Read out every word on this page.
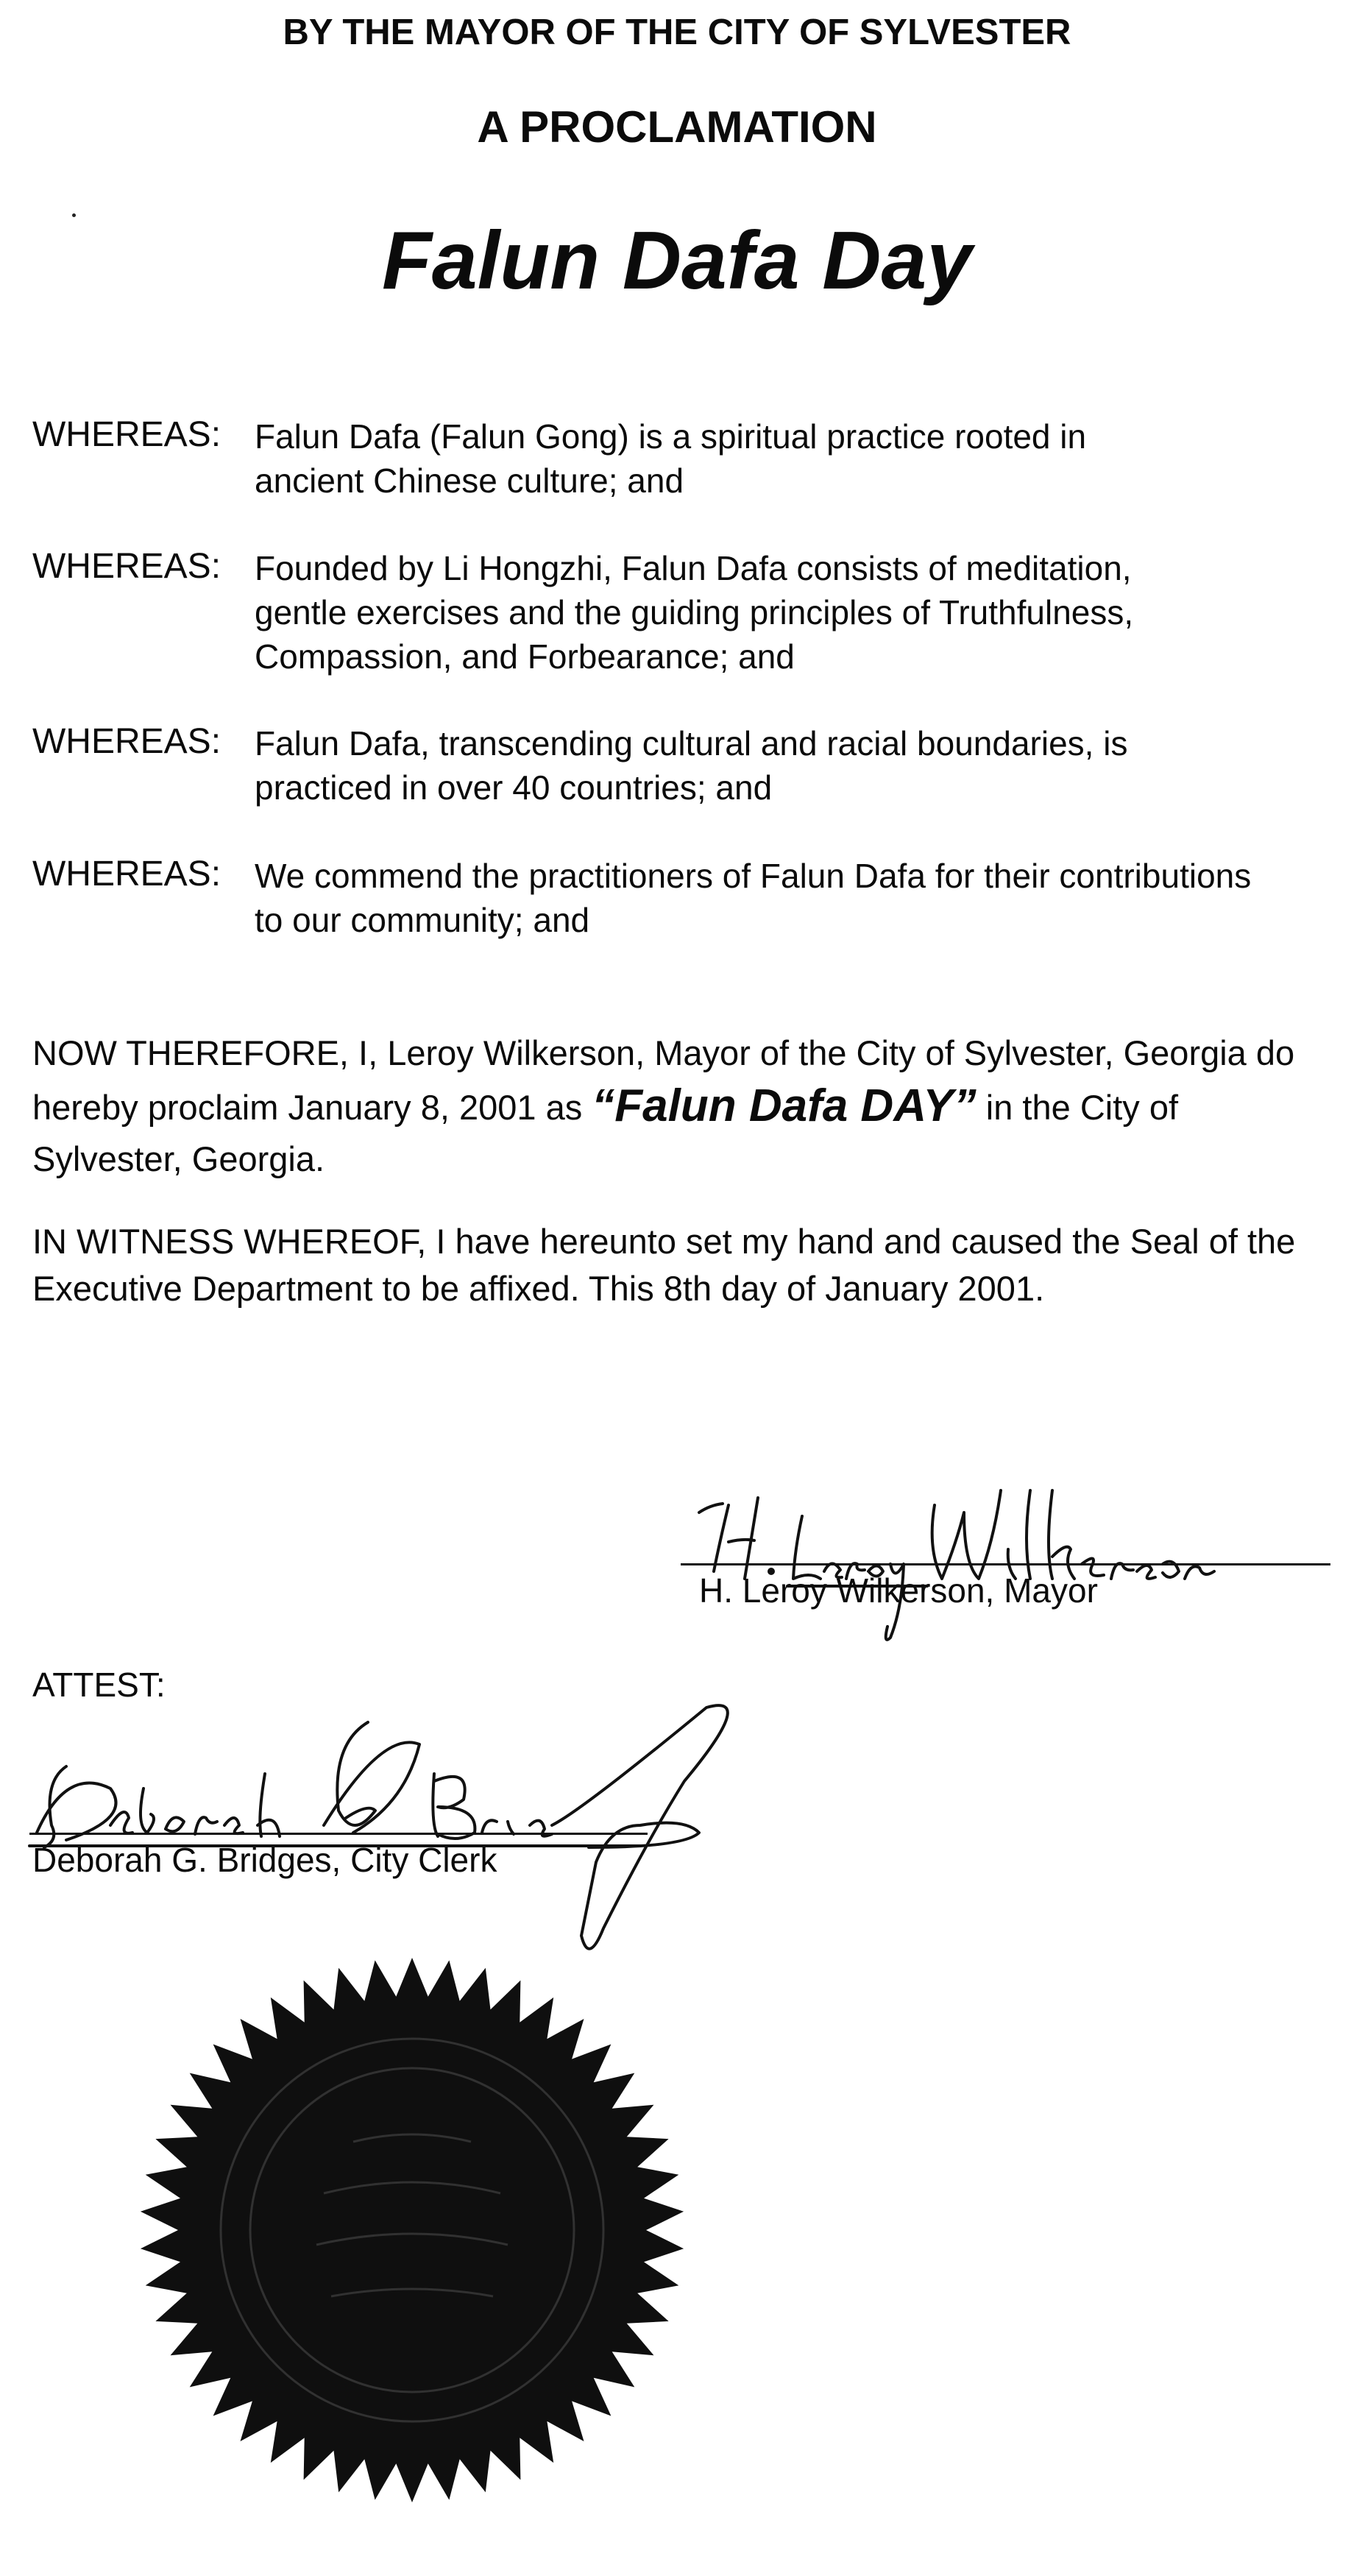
BY THE MAYOR OF THE CITY OF SYLVESTER
A PROCLAMATION
Falun Dafa Day
WHEREAS: Falun Dafa (Falun Gong) is a spiritual practice rooted in
ancient Chinese culture; and
WHEREAS: Founded by Li Hongzhi, Falun Dafa consists of meditation,
gentle exercises and the guiding principles of Truthfulness,
Compassion, and Forbearance; and
WHEREAS: Falun Dafa, transcending cultural and racial boundaries, is
practiced in over 40 countries; and
WHEREAS: We commend the practitioners of Falun Dafa for their contributions
to our community; and
NOW THEREFORE, I, Leroy Wilkerson, Mayor of the City of Sylvester, Georgia do
hereby proclaim January 8, 2001 as “Falun Dafa DAY” in the City of
Sylvester, Georgia.
IN WITNESS WHEREOF, I have hereunto set my hand and caused the Seal of the
Executive Department to be affixed. This 8th day of January 2001.
H. Leroy Wilkerson, Mayor
ATTEST:
Deborah G. Bridges, City Clerk
